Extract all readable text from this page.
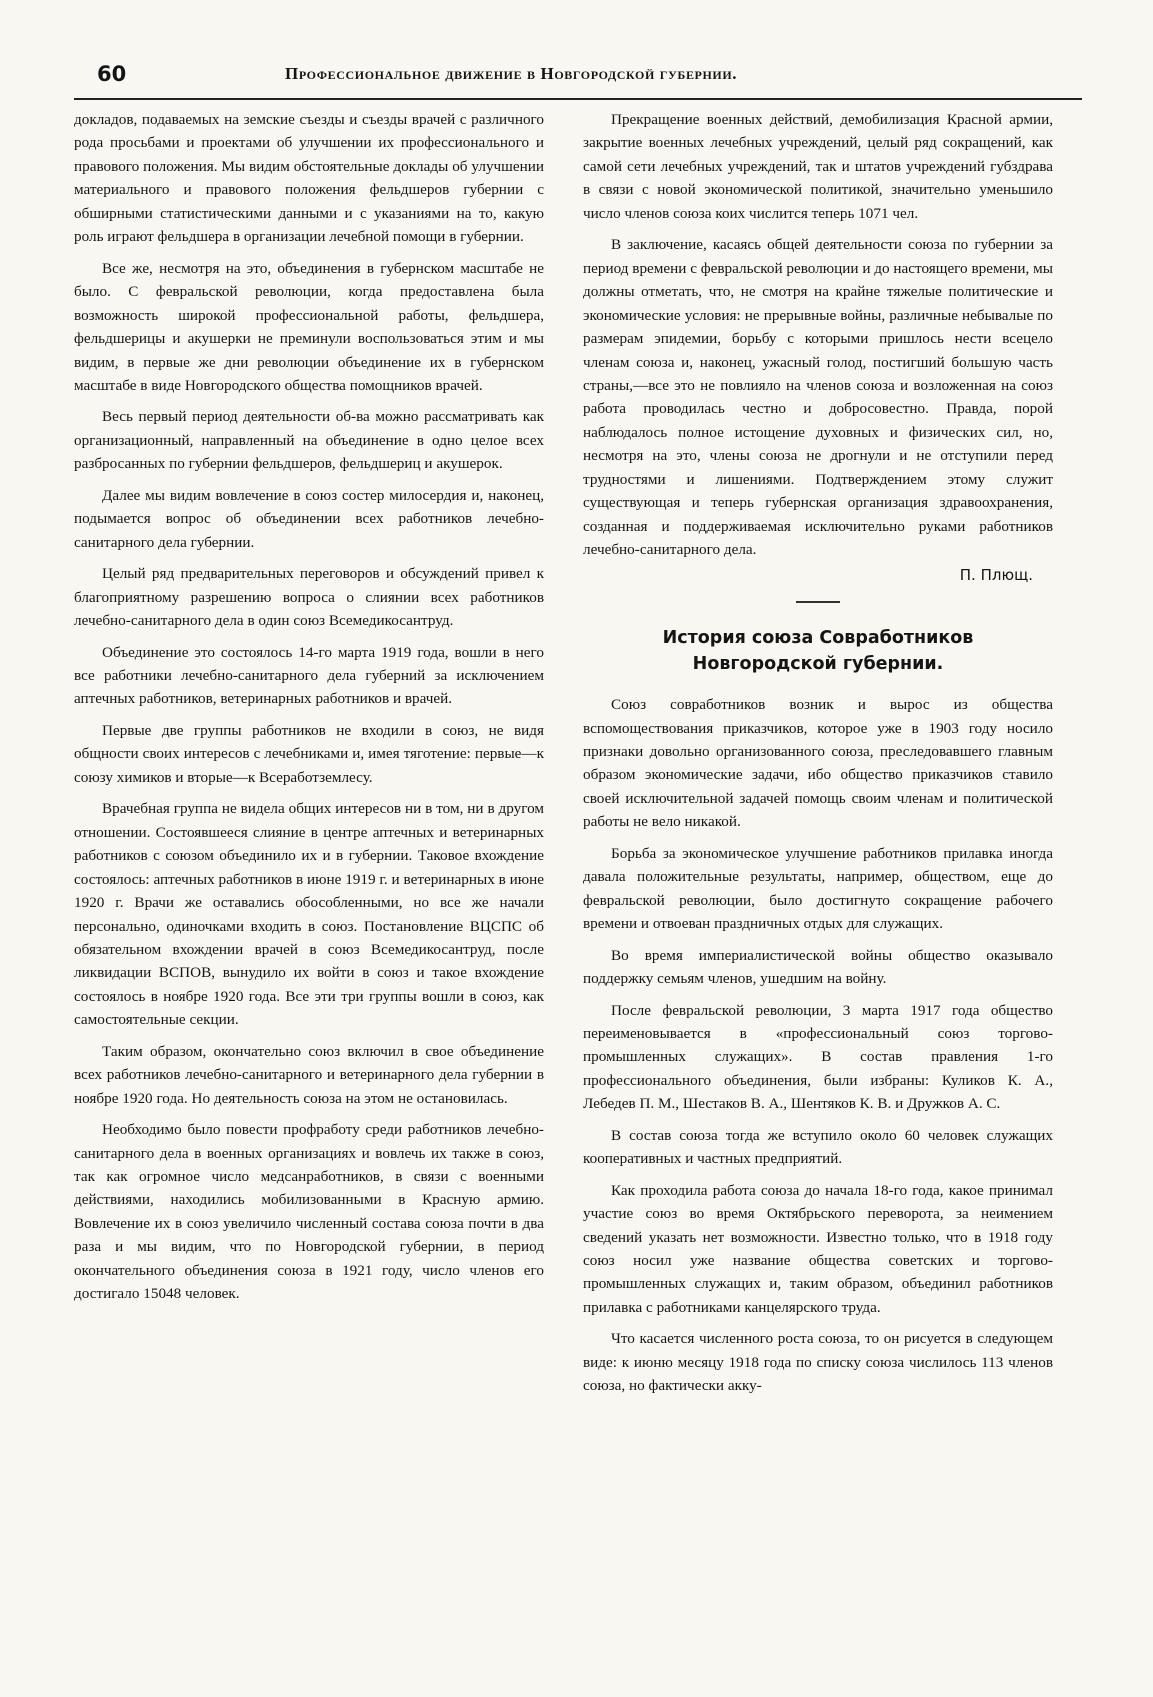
60	Профессиональное движение в Новгородской губернии.

докладов, подаваемых на земские съезды и съезды врачей с различного рода просьбами и проектами об улучшении их профессионального и правового положения. Мы видим обстоятельные доклады об улучшении материального и правового положения фельдшеров губернии с обширными статистическими данными и с указаниями на то, какую роль играют фельдшера в организации лечебной помощи в губернии.

Все же, несмотря на это, объединения в губернском масштабе не было. С февральской революции, когда предоставлена была возможность широкой профессиональной работы, фельдшера, фельдшерицы и акушерки не преминули воспользоваться этим и мы видим, в первые же дни революции объединение их в губернском масштабе в виде Новгородского общества помощников врачей.

Весь первый период деятельности об-ва можно рассматривать как организационный, направленный на объединение в одно целое всех разбросанных по губернии фельдшеров, фельдшериц и акушерок.

Далее мы видим вовлечение в союз состер милосердия и, наконец, подымается вопрос об объединении всех работников лечебно-санитарного дела губернии.

Целый ряд предварительных переговоров и обсуждений привел к благоприятному разрешению вопроса о слиянии всех работников лечебно-санитарного дела в один союз Всемедикосантруд.

Объединение это состоялось 14-го марта 1919 года, вошли в него все работники лечебно-санитарного дела губерний за исключением аптечных работников, ветеринарных работников и врачей.

Первые две группы работников не входили в союз, не видя общности своих интересов с лечебниками и, имея тяготение: первые—к союзу химиков и вторые—к Всеработземлесу.

Врачебная группа не видела общих интересов ни в том, ни в другом отношении. Состоявшееся слияние в центре аптечных и ветеринарных работников с союзом объединило их и в губернии. Таковое вхождение состоялось: аптечных работников в июне 1919 г. и ветеринарных в июне 1920 г. Врачи же оставались обособленными, но все же начали персонально, одиночками входить в союз. Постановление ВЦСПС об обязательном вхождении врачей в союз Всемедикосантруд, после ликвидации ВСПОВ, вынудило их войти в союз и такое вхождение состоялось в ноябре 1920 года. Все эти три группы вошли в союз, как самостоятельные секции.

Таким образом, окончательно союз включил в свое объединение всех работников лечебно-санитарного и ветеринарного дела губернии в ноябре 1920 года. Но деятельность союза на этом не остановилась.

Необходимо было повести профработу среди работников лечебно-санитарного дела в военных организациях и вовлечь их также в союз, так как огромное число медсанработников, в связи с военными действиями, находились мобилизованными в Красную армию. Вовлечение их в союз увеличило численный состава союза почти в два раза и мы видим, что по Новгородской губернии, в период окончательного объединения союза в 1921 году, число членов его достигало 15048 человек.

Прекращение военных действий, демобилизация Красной армии, закрытие военных лечебных учреждений, целый ряд сокращений, как самой сети лечебных учреждений, так и штатов учреждений губздрава в связи с новой экономической политикой, значительно уменьшило число членов союза коих числится теперь 1071 чел.

В заключение, касаясь общей деятельности союза по губернии за период времени с февральской революции и до настоящего времени, мы должны отметать, что, не смотря на крайне тяжелые политические и экономические условия: не прерывные войны, различные небывалые по размерам эпидемии, борьбу с которыми пришлось нести всецело членам союза и, наконец, ужасный голод, постигший большую часть страны,—все это не повлияло на членов союза и возложенная на союз работа проводилась честно и добросовестно. Правда, порой наблюдалось полное истощение духовных и физических сил, но, несмотря на это, члены союза не дрогнули и не отступили перед трудностями и лишениями. Подтверждением этому служит существующая и теперь губернская организация здравоохранения, созданная и поддерживаемая исключительно руками работников лечебно-санитарного дела.

П. Плющ.
История союза Совработников Новгородской губернии.

Союз совработников возник и вырос из общества вспомоществования приказчиков, которое уже в 1903 году носило признаки довольно организованного союза, преследовавшего главным образом экономические задачи, ибо общество приказчиков ставило своей исключительной задачей помощь своим членам и политической работы не вело никакой.

Борьба за экономическое улучшение работников прилавка иногда давала положительные результаты, например, обществом, еще до февральской революции, было достигнуто сокращение рабочего времени и отвоеван праздничных отдых для служащих.

Во время империалистической войны общество оказывало поддержку семьям членов, ушедшим на войну.

После февральской революции, 3 марта 1917 года общество переименовывается в «профессиональный союз торгово-промышленных служащих». В состав правления 1-го профессионального объединения, были избраны: Куликов К. А., Лебедев П. М., Шестаков В. А., Шентяков К. В. и Дружков А. С.

В состав союза тогда же вступило около 60 человек служащих кооперативных и частных предприятий.

Как проходила работа союза до начала 18-го года, какое принимал участие союз во время Октябрьского переворота, за неимением сведений указать нет возможности. Известно только, что в 1918 году союз носил уже название общества советских и торгово-промышленных служащих и, таким образом, объединил работников прилавка с работниками канцелярского труда.

Что касается численного роста союза, то он рисуется в следующем виде: к июню месяцу 1918 года по списку союза числилось 113 членов союза, но фактически акку-
